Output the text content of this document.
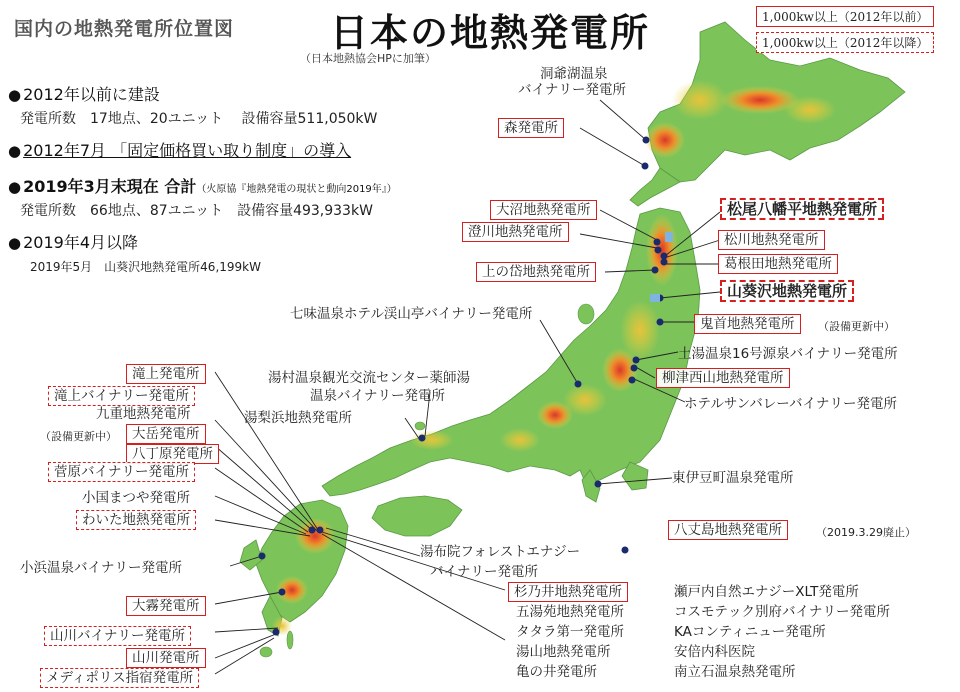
国内の地熱発電所位置図	日本の地熱発電所
（日本地熱協会HPに加筆）
1,000kw以上（2012年以前）
1,000kw以上（2012年以降）
● 2012年以前に建設
発電所数　17地点、20ユニット　 設備容量511,050kW
● 2012年7月 「固定価格買い取り制度」の導入
● 2019年3月末現在 合計（火原協『地熱発電の現状と動向2019年』）
発電所数　66地点、87ユニット　設備容量493,933kW
● 2019年4月以降
2019年5月　山葵沢地熱発電所46,199kW
洞爺湖温泉
バイナリー発電所
森発電所
大沼地熱発電所
澄川地熱発電所
上の岱地熱発電所
七味温泉ホテル渓山亭バイナリー発電所
松尾八幡平地熱発電所
松川地熱発電所
葛根田地熱発電所
山葵沢地熱発電所
鬼首地熱発電所	（設備更新中）
土湯温泉16号源泉バイナリー発電所
柳津西山地熱発電所
ホテルサンバレーバイナリー発電所
湯村温泉観光交流センター薬師湯
温泉バイナリー発電所
湯梨浜地熱発電所
滝上発電所
滝上バイナリー発電所
九重地熱発電所
（設備更新中）	大岳発電所
八丁原発電所
菅原バイナリー発電所
小国まつや発電所
わいた地熱発電所
小浜温泉バイナリー発電所
大霧発電所
山川バイナリー発電所
山川発電所
メディポリス指宿発電所
湯布院フォレストエナジー
バイナリー発電所
東伊豆町温泉発電所
八丈島地熱発電所	（2019.3.29廃止）
杉乃井地熱発電所
五湯苑地熱発電所
タタラ第一発電所
湯山地熱発電所
亀の井発電所
瀬戸内自然エナジーXLT発電所
コスモテック別府バイナリー発電所
KAコンティニュー発電所
安倍内科医院
南立石温泉熱発電所
